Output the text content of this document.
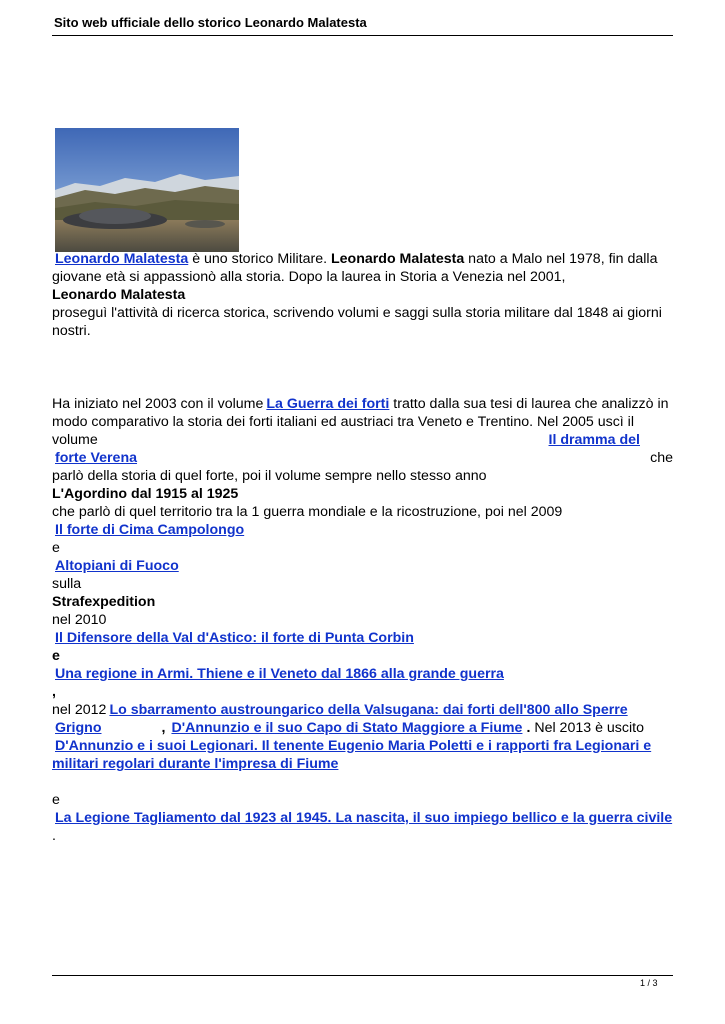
Sito web ufficiale dello storico Leonardo Malatesta

Leonardo Malatesta è uno storico Militare. Leonardo Malatesta nato a Malo nel 1978, fin dalla giovane età si appassionò alla storia. Dopo la laurea in Storia a Venezia nel 2001,
Leonardo Malatesta
proseguì l'attività di ricerca storica, scrivendo volumi e saggi sulla storia militare dal 1848 ai giorni nostri.

Ha iniziato nel 2003 con il volume La Guerra dei forti tratto dalla sua tesi di laurea che analizzò in modo comparativo la storia dei forti italiani ed austriaci tra Veneto e Trentino. Nel 2005 uscì il volume	Il dramma del

forte Verena	che

parlò della storia di quel forte, poi il volume sempre nello stesso anno
L'Agordino dal 1915 al 1925
che parlò di quel territorio tra la 1 guerra mondiale e la ricostruzione, poi nel 2009
Il forte di Cima Campolongo
e
Altopiani di Fuoco
sulla
Strafexpedition
nel 2010
Il Difensore della Val d'Astico: il forte di Punta Corbin
e
Una regione in Armi. Thiene e il Veneto dal 1866 alla grande guerra
,
nel 2012 Lo sbarramento austroungarico della Valsugana: dai forti dell'800 allo Sperre
Grigno	, D'Annunzio e il suo Capo di Stato Maggiore a Fiume . Nel 2013 è uscito
D'Annunzio e i suoi Legionari. Il tenente Eugenio Maria Poletti e i rapporti fra Legionari e militari regolari durante l'impresa di Fiume

e
La Legione Tagliamento dal 1923 al 1945. La nascita, il suo impiego bellico e la guerra civile
.

1 / 3
